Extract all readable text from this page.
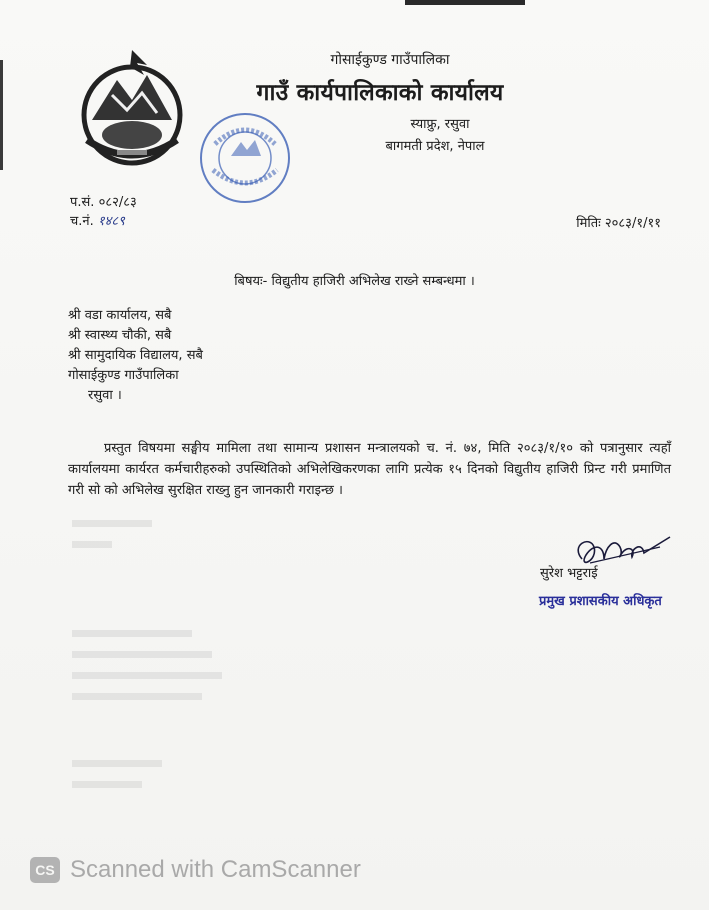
गोसाईकुण्ड गाउँपालिका
गाउँ कार्यपालिकाको कार्यालय
स्याफ्रु, रसुवा
बागमती प्रदेश, नेपाल
प.सं. ०८२/८३
च.नं. १४८९	मितिः २०८३/१/११
बिषयः- विद्युतीय हाजिरी अभिलेख राख्ने सम्बन्धमा ।
श्री वडा कार्यालय, सबै
श्री स्वास्थ्य चौकी, सबै
श्री सामुदायिक विद्यालय, सबै
गोसाईकुण्ड गाउँपालिका
रसुवा ।

प्रस्तुत विषयमा सङ्घीय मामिला तथा सामान्य प्रशासन मन्त्रालयको च. नं. ७४, मिति २०८३/१/१० को पत्रानुसार त्यहाँ कार्यालयमा कार्यरत कर्मचारीहरुको उपस्थितिको अभिलेखिकरणका लागि प्रत्येक १५ दिनको विद्युतीय हाजिरी प्रिन्ट गरी प्रमाणित गरी सो को अभिलेख सुरक्षित राख्नु हुन जानकारी गराइन्छ ।

सुरेश भट्टराई
प्रमुख प्रशासकीय अधिकृत
CS Scanned with CamScanner
